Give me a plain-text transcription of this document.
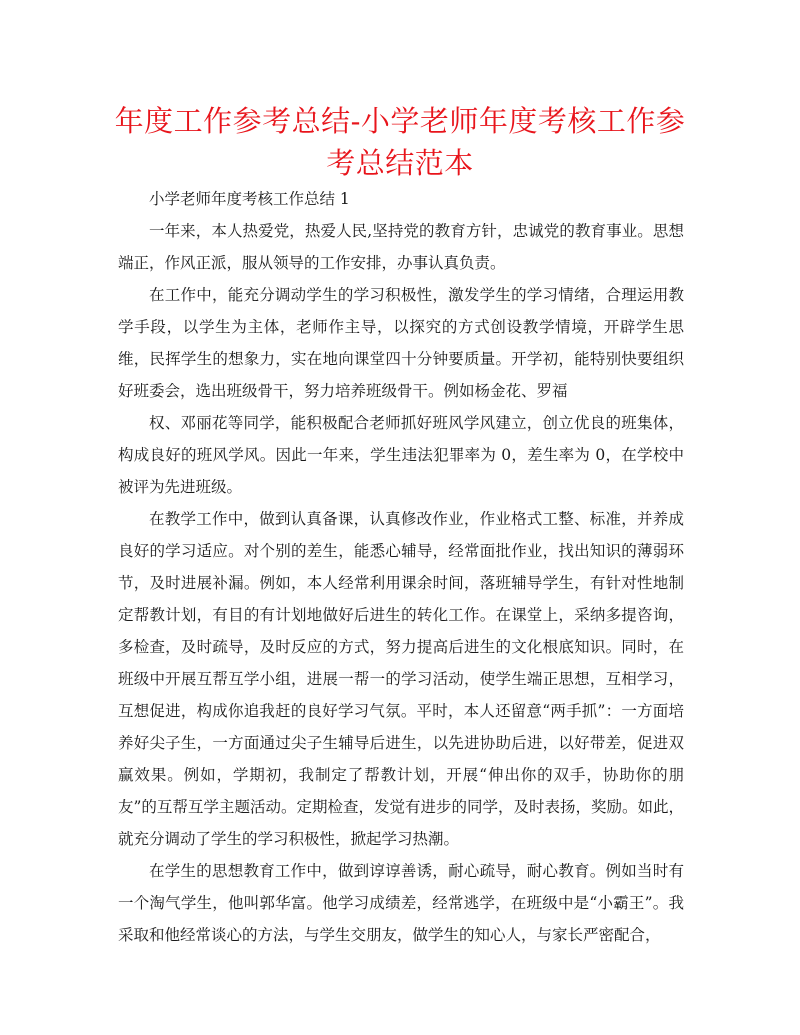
年度工作参考总结-小学老师年度考核工作参考总结范本

小学老师年度考核工作总结 1

一年来，本人热爱党，热爱人民,坚持党的教育方针，忠诚党的教育事业。思想端正，作风正派，服从领导的工作安排，办事认真负责。

在工作中，能充分调动学生的学习积极性，激发学生的学习情绪，合理运用教学手段，以学生为主体，老师作主导，以探究的方式创设教学情境，开辟学生思维，民挥学生的想象力，实在地向课堂四十分钟要质量。开学初，能特别快要组织好班委会，选出班级骨干，努力培养班级骨干。例如杨金花、罗福

权、邓丽花等同学，能积极配合老师抓好班风学风建立，创立优良的班集体，构成良好的班风学风。因此一年来，学生违法犯罪率为 0，差生率为 0，在学校中被评为先进班级。

在教学工作中，做到认真备课，认真修改作业，作业格式工整、标准，并养成良好的学习适应。对个别的差生，能悉心辅导，经常面批作业，找出知识的薄弱环节，及时进展补漏。例如，本人经常利用课余时间，落班辅导学生，有针对性地制定帮教计划，有目的有计划地做好后进生的转化工作。在课堂上，采纳多提咨询，多检查，及时疏导，及时反应的方式，努力提高后进生的文化根底知识。同时，在班级中开展互帮互学小组，进展一帮一的学习活动，使学生端正思想，互相学习，互想促进，构成你追我赶的良好学习气氛。平时，本人还留意“两手抓”：一方面培养好尖子生，一方面通过尖子生辅导后进生，以先进协助后进，以好带差，促进双赢效果。例如，学期初，我制定了帮教计划，开展“伸出你的双手，协助你的朋友”的互帮互学主题活动。定期检查，发觉有进步的同学，及时表扬，奖励。如此，就充分调动了学生的学习积极性，掀起学习热潮。

在学生的思想教育工作中，做到谆谆善诱，耐心疏导，耐心教育。例如当时有一个淘气学生，他叫郭华富。他学习成绩差，经常逃学，在班级中是“小霸王”。我采取和他经常谈心的方法，与学生交朋友，做学生的知心人，与家长严密配合，
